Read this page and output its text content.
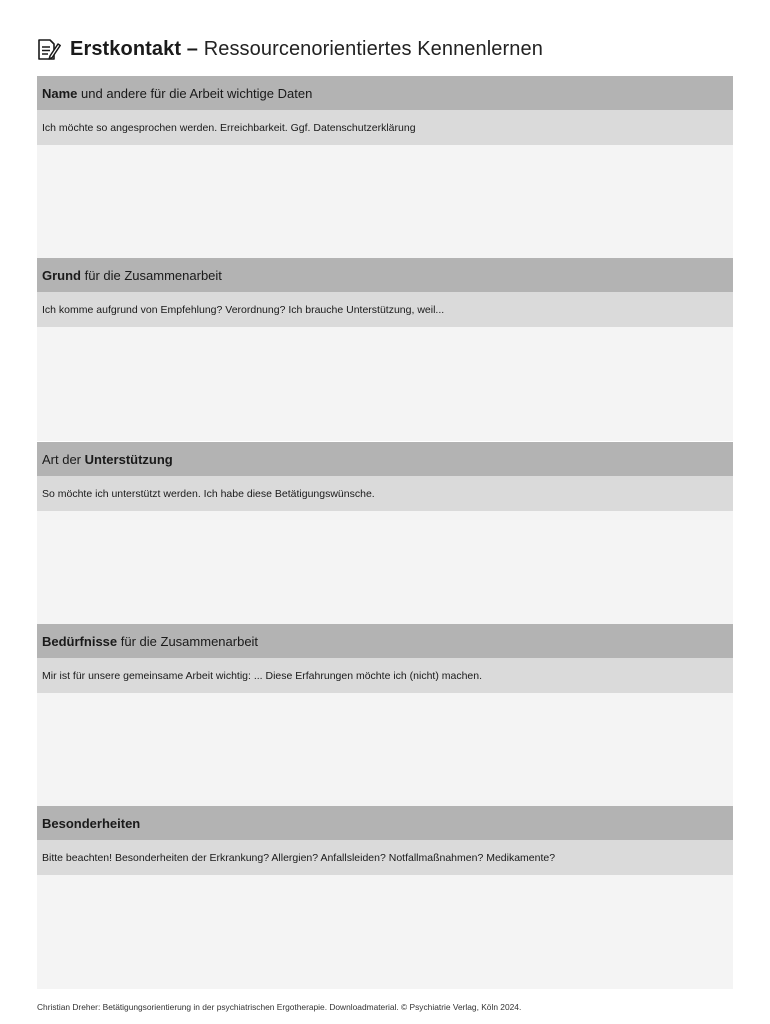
Erstkontakt – Ressourcenorientiertes Kennenlernen
Name
und andere für die Arbeit wichtige Daten
Ich möchte so angesprochen werden. Erreichbarkeit. Ggf. Datenschutzerklärung
Grund
für die Zusammenarbeit
Ich komme aufgrund von Empfehlung? Verordnung? Ich brauche Unterstützung, weil...
Art der
Unterstützung
So möchte ich unterstützt werden. Ich habe diese Betätigungswünsche.
Bedürfnisse
für die Zusammenarbeit
Mir ist für unsere gemeinsame Arbeit wichtig: ... Diese Erfahrungen möchte ich (nicht) machen.
Besonderheiten
Bitte beachten! Besonderheiten der Erkrankung? Allergien? Anfallsleiden? Notfallmaßnahmen? Medikamente?
Christian Dreher: Betätigungsorientierung in der psychiatrischen Ergotherapie. Downloadmaterial. © Psychiatrie Verlag, Köln 2024.
